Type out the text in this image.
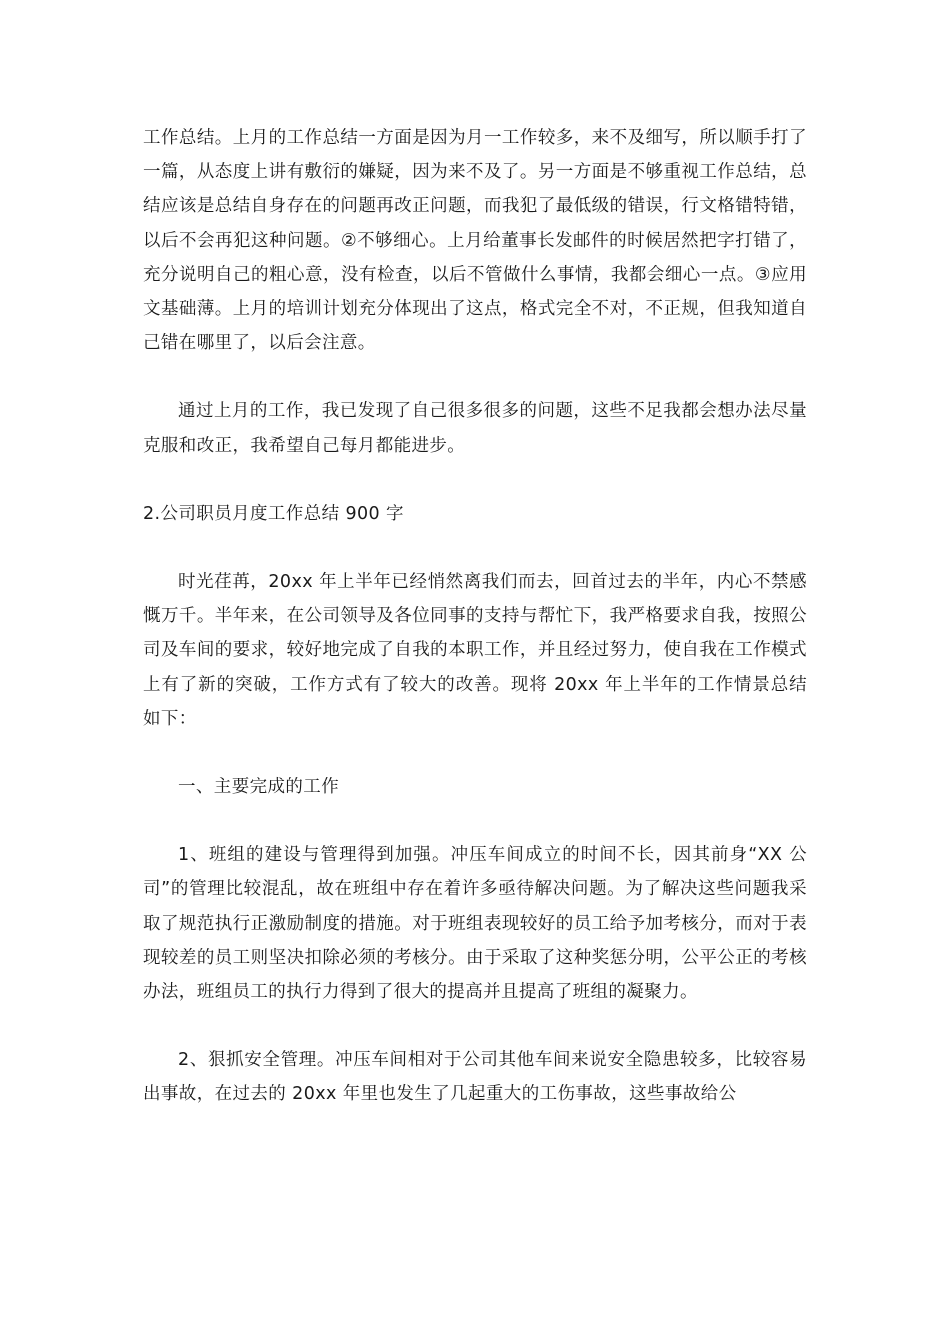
工作总结。上月的工作总结一方面是因为月一工作较多，来不及细写，所以顺手打了一篇，从态度上讲有敷衍的嫌疑，因为来不及了。另一方面是不够重视工作总结，总结应该是总结自身存在的问题再改正问题，而我犯了最低级的错误，行文格错特错，以后不会再犯这种问题。②不够细心。上月给董事长发邮件的时候居然把字打错了，充分说明自己的粗心意，没有检查，以后不管做什么事情，我都会细心一点。③应用文基础薄。上月的培训计划充分体现出了这点，格式完全不对，不正规，但我知道自己错在哪里了，以后会注意。

通过上月的工作，我已发现了自己很多很多的问题，这些不足我都会想办法尽量克服和改正，我希望自己每月都能进步。

2.公司职员月度工作总结 900 字

时光荏苒，20xx 年上半年已经悄然离我们而去，回首过去的半年，内心不禁感慨万千。半年来，在公司领导及各位同事的支持与帮忙下，我严格要求自我，按照公司及车间的要求，较好地完成了自我的本职工作，并且经过努力，使自我在工作模式上有了新的突破，工作方式有了较大的改善。现将 20xx 年上半年的工作情景总结如下：

一、主要完成的工作

1、班组的建设与管理得到加强。冲压车间成立的时间不长，因其前身“XX 公司”的管理比较混乱，故在班组中存在着许多亟待解决问题。为了解决这些问题我采取了规范执行正激励制度的措施。对于班组表现较好的员工给予加考核分，而对于表现较差的员工则坚决扣除必须的考核分。由于采取了这种奖惩分明，公平公正的考核办法，班组员工的执行力得到了很大的提高并且提高了班组的凝聚力。

2、狠抓安全管理。冲压车间相对于公司其他车间来说安全隐患较多，比较容易出事故，在过去的 20xx 年里也发生了几起重大的工伤事故，这些事故给公
